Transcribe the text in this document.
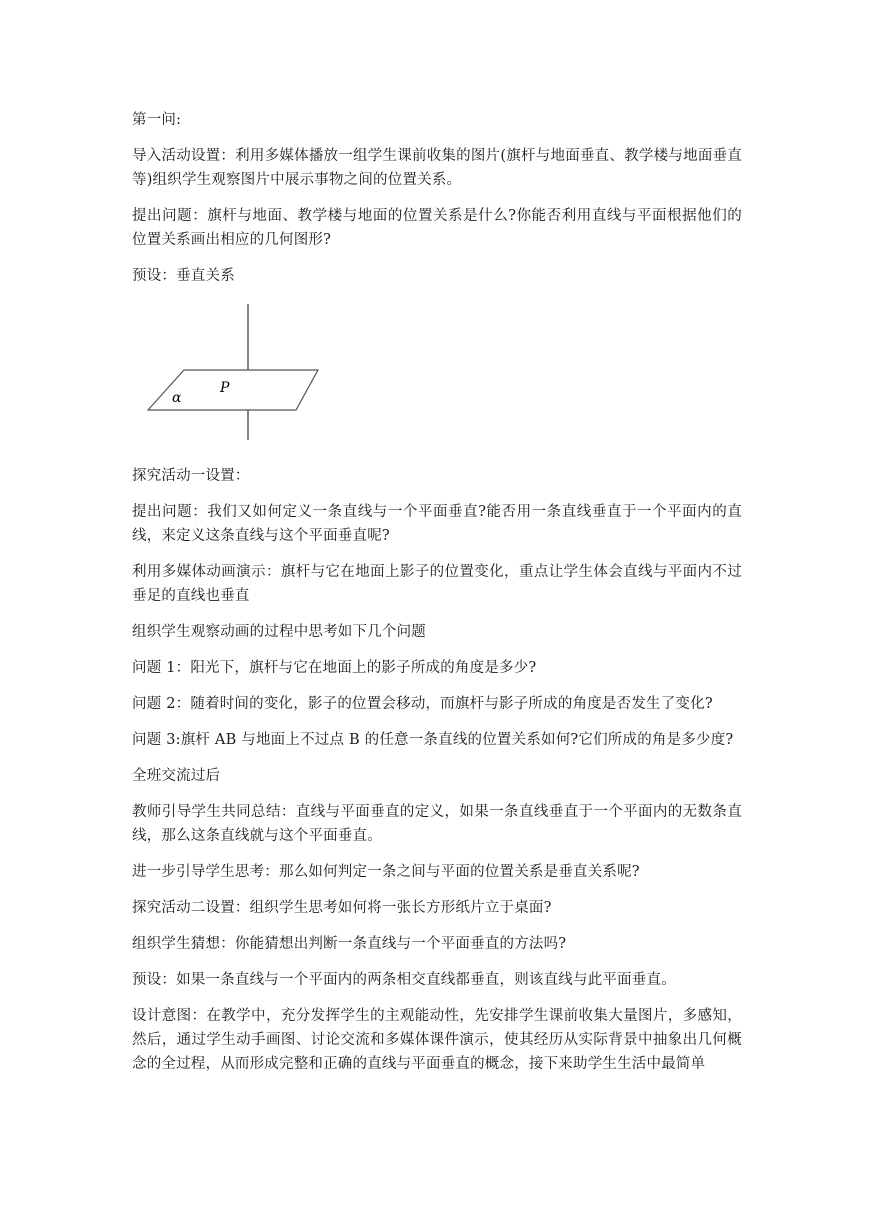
第一问:

导入活动设置：利用多媒体播放一组学生课前收集的图片(旗杆与地面垂直、教学楼与地面垂直等)组织学生观察图片中展示事物之间的位置关系。

提出问题：旗杆与地面、教学楼与地面的位置关系是什么?你能否利用直线与平面根据他们的位置关系画出相应的几何图形?

预设：垂直关系

α
P

探究活动一设置：

提出问题：我们又如何定义一条直线与一个平面垂直?能否用一条直线垂直于一个平面内的直线，来定义这条直线与这个平面垂直呢?

利用多媒体动画演示：旗杆与它在地面上影子的位置变化，重点让学生体会直线与平面内不过垂足的直线也垂直

组织学生观察动画的过程中思考如下几个问题

问题 1：阳光下，旗杆与它在地面上的影子所成的角度是多少?

问题 2：随着时间的变化，影子的位置会移动，而旗杆与影子所成的角度是否发生了变化?

问题 3:旗杆 AB 与地面上不过点 B 的任意一条直线的位置关系如何?它们所成的角是多少度?

全班交流过后

教师引导学生共同总结：直线与平面垂直的定义，如果一条直线垂直于一个平面内的无数条直线，那么这条直线就与这个平面垂直。

进一步引导学生思考：那么如何判定一条之间与平面的位置关系是垂直关系呢?

探究活动二设置：组织学生思考如何将一张长方形纸片立于桌面?

组织学生猜想：你能猜想出判断一条直线与一个平面垂直的方法吗?

预设：如果一条直线与一个平面内的两条相交直线都垂直，则该直线与此平面垂直。

设计意图：在教学中，充分发挥学生的主观能动性，先安排学生课前收集大量图片，多感知，然后，通过学生动手画图、讨论交流和多媒体课件演示，使其经历从实际背景中抽象出几何概念的全过程，从而形成完整和正确的直线与平面垂直的概念，接下来助学生生活中最简单
